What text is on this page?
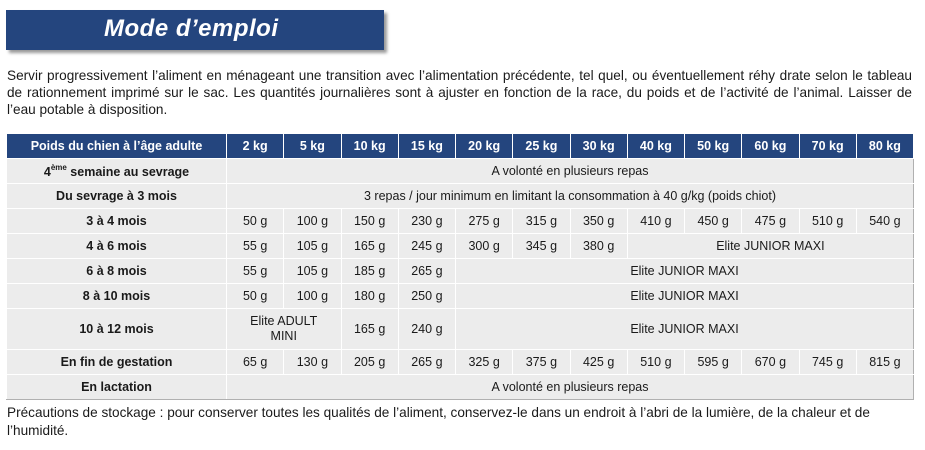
Mode d’emploi
Servir progressivement l’aliment en ménageant une transition avec l’alimentation précédente, tel quel, ou éventuellement réhy drate selon le tableau de rationnement imprimé sur le sac. Les quantités journalières sont à ajuster en fonction de la race, du poids et de l’activité de l’animal. Laisser de l’eau potable à disposition.
Poids du chien à l’âge adulte	2 kg	5 kg	10 kg	15 kg	20 kg	25 kg	30 kg	40 kg	50 kg	60 kg	70 kg	80 kg
4ème semaine au sevrage	A volonté en plusieurs repas											
Du sevrage à 3 mois	3 repas / jour minimum en limitant la consommation à 40 g/kg (poids chiot)											
3 à 4 mois	50 g	100 g	150 g	230 g	275 g	315 g	350 g	410 g	450 g	475 g	510 g	540 g
4 à 6 mois	55 g	105 g	165 g	245 g	300 g	345 g	380 g	Elite JUNIOR MAXI				
6 à 8 mois	55 g	105 g	185 g	265 g	Elite JUNIOR MAXI							
8 à 10 mois	50 g	100 g	180 g	250 g	Elite JUNIOR MAXI							
10 à 12 mois	Elite ADULT MINI		165 g	240 g	Elite JUNIOR MAXI							
En fin de gestation	65 g	130 g	205 g	265 g	325 g	375 g	425 g	510 g	595 g	670 g	745 g	815 g
En lactation	A volonté en plusieurs repas											
Précautions de stockage : pour conserver toutes les qualités de l’aliment, conservez-le dans un endroit à l’abri de la lumière, de la chaleur et de l’humidité.
